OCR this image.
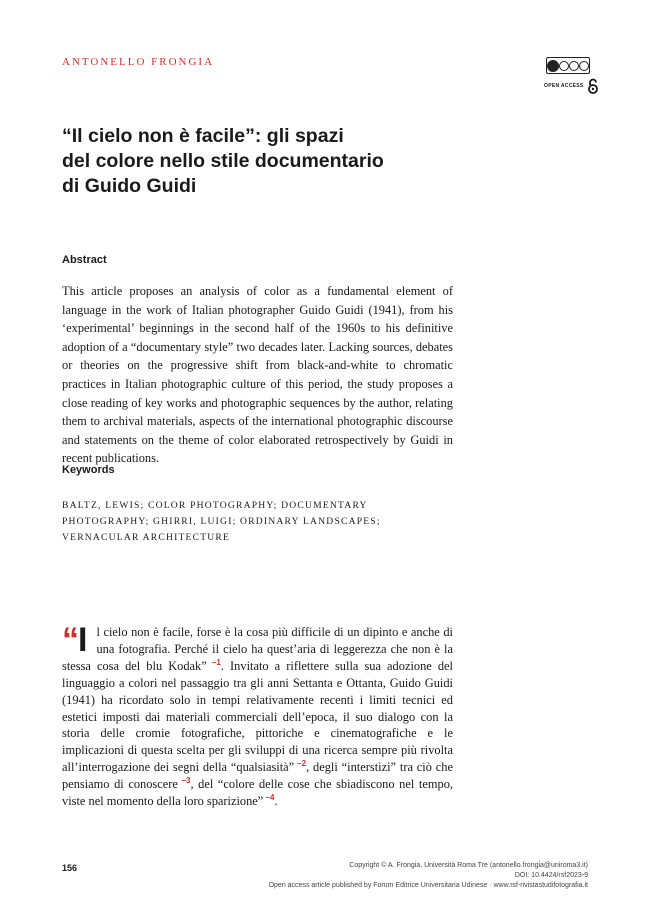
ANTONELLO FRONGIA
OPEN ACCESS
“Il cielo non è facile”: gli spazi
del colore nello stile documentario
di Guido Guidi
Abstract
This article proposes an analysis of color as a fundamental element of language in the work of Italian photographer Guido Guidi (1941), from his ‘experimental’ beginnings in the second half of the 1960s to his definitive adoption of a “documentary style” two decades later. Lacking sources, debates or theories on the progressive shift from black-and-white to chromatic practices in Italian photographic culture of this period, the study proposes a close reading of key works and photographic sequences by the author, relating them to archival materials, aspects of the international photographic discourse and statements on the theme of color elaborated retrospectively by Guidi in recent publications.
Keywords
BALTZ, LEWIS; COLOR PHOTOGRAPHY; DOCUMENTARY
PHOTOGRAPHY; GHIRRI, LUIGI; ORDINARY LANDSCAPES;
VERNACULAR ARCHITECTURE
“I l cielo non è facile, forse è la cosa più difficile di un dipinto e anche di una fotografia. Perché il cielo ha quest’aria di leggerezza che non è la stessa cosa del blu Kodak” $^{-1}$. Invitato a riflettere sulla sua adozione del linguaggio a colori nel passaggio tra gli anni Settanta e Ottanta, Guido Guidi (1941) ha ricordato solo in tempi relativamente recenti i limiti tecnici ed estetici imposti dai materiali commerciali dell’epoca, il suo dialogo con la storia delle cromie fotografiche, pittoriche e cinematografiche e le implicazioni di questa scelta per gli sviluppi di una ricerca sempre più rivolta all’interrogazione dei segni della “qualsiasità” $^{-2}$, degli “interstizi” tra ciò che pensiamo di conoscere $^{-3}$, del “colore delle cose che sbiadiscono nel tempo, viste nel momento della loro sparizione” $^{-4}$.
156	Copyright © A. Frongia, Università Roma Tre (antonello.frongia@uniroma3.it)
DOI: 10.4424/rsf2023-9
Open access article published by Forum Editrice Universitaria Udinese · www.rsf-rivistastudifotografia.it
